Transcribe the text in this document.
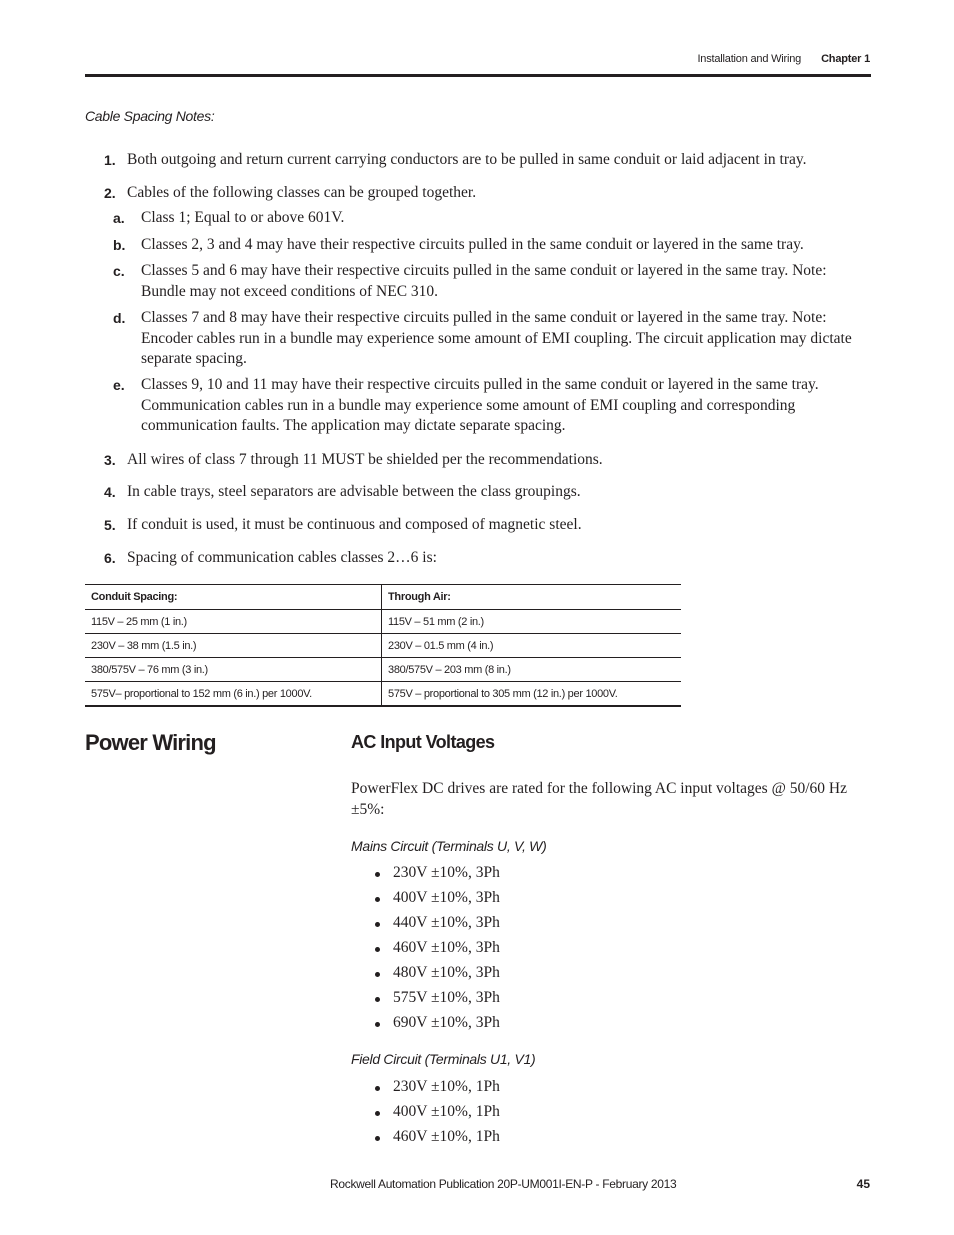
Installation and Wiring Chapter 1
Cable Spacing Notes:
1. Both outgoing and return current carrying conductors are to be pulled in same conduit or laid adjacent in tray.
2. Cables of the following classes can be grouped together.
a. Class 1; Equal to or above 601V.
b. Classes 2, 3 and 4 may have their respective circuits pulled in the same conduit or layered in the same tray.
c. Classes 5 and 6 may have their respective circuits pulled in the same conduit or layered in the same tray. Note: Bundle may not exceed conditions of NEC 310.
d. Classes 7 and 8 may have their respective circuits pulled in the same conduit or layered in the same tray. Note: Encoder cables run in a bundle may experience some amount of EMI coupling. The circuit application may dictate separate spacing.
e. Classes 9, 10 and 11 may have their respective circuits pulled in the same conduit or layered in the same tray. Communication cables run in a bundle may experience some amount of EMI coupling and corresponding communication faults. The application may dictate separate spacing.
3. All wires of class 7 through 11 MUST be shielded per the recommendations.
4. In cable trays, steel separators are advisable between the class groupings.
5. If conduit is used, it must be continuous and composed of magnetic steel.
6. Spacing of communication cables classes 2…6 is:
Conduit Spacing:	Through Air:
115V – 25 mm (1 in.)	115V – 51 mm (2 in.)
230V – 38 mm (1.5 in.)	230V – 01.5 mm (4 in.)
380/575V – 76 mm (3 in.)	380/575V – 203 mm (8 in.)
575V– proportional to 152 mm (6 in.) per 1000V.	575V – proportional to 305 mm (12 in.) per 1000V.
Power Wiring	AC Input Voltages
PowerFlex DC drives are rated for the following AC input voltages @ 50/60 Hz ±5%:
Mains Circuit (Terminals U, V, W)
230V ±10%, 3Ph
400V ±10%, 3Ph
440V ±10%, 3Ph
460V ±10%, 3Ph
480V ±10%, 3Ph
575V ±10%, 3Ph
690V ±10%, 3Ph
Field Circuit (Terminals U1, V1)
230V ±10%, 1Ph
400V ±10%, 1Ph
460V ±10%, 1Ph
Rockwell Automation Publication 20P-UM001I-EN-P - February 2013	45
